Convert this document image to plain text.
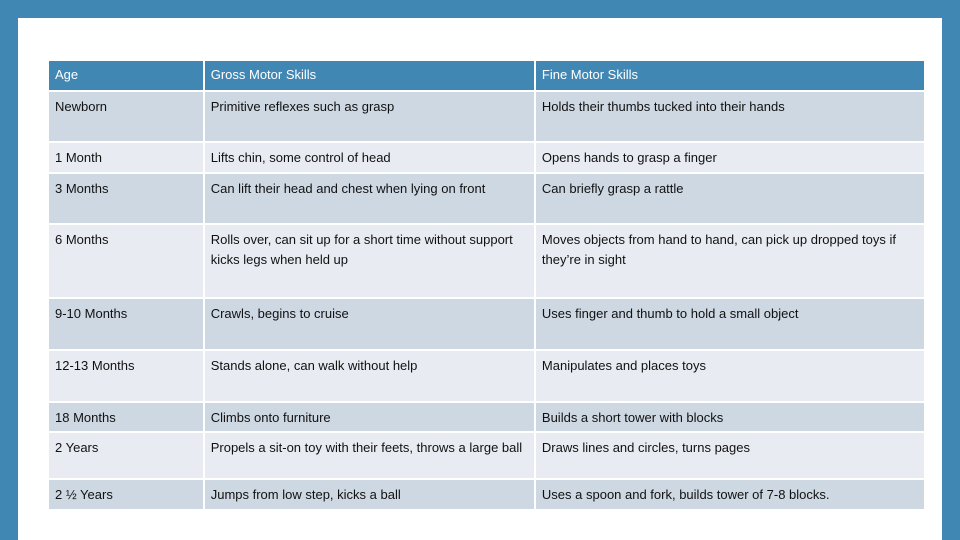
Age	Gross Motor Skills	Fine Motor Skills
Newborn	Primitive reflexes such as grasp	Holds their thumbs tucked into their hands
1 Month	Lifts chin, some control of head	Opens hands to grasp a finger
3 Months	Can lift their head and chest when lying on front	Can briefly grasp a rattle
6 Months	Rolls over, can sit up for a short time without support kicks legs when held up	Moves objects from hand to hand, can pick up dropped toys if they’re in sight
9-10 Months	Crawls, begins to cruise	Uses finger and thumb to hold a small object
12-13 Months	Stands alone, can walk without help	Manipulates and places toys
18 Months	Climbs onto furniture	Builds a short tower with blocks
2 Years	Propels a sit-on toy with their feets, throws a large ball	Draws lines and circles, turns pages
2 ½ Years	Jumps from low step, kicks a ball	Uses a spoon and fork, builds tower of 7-8 blocks.
